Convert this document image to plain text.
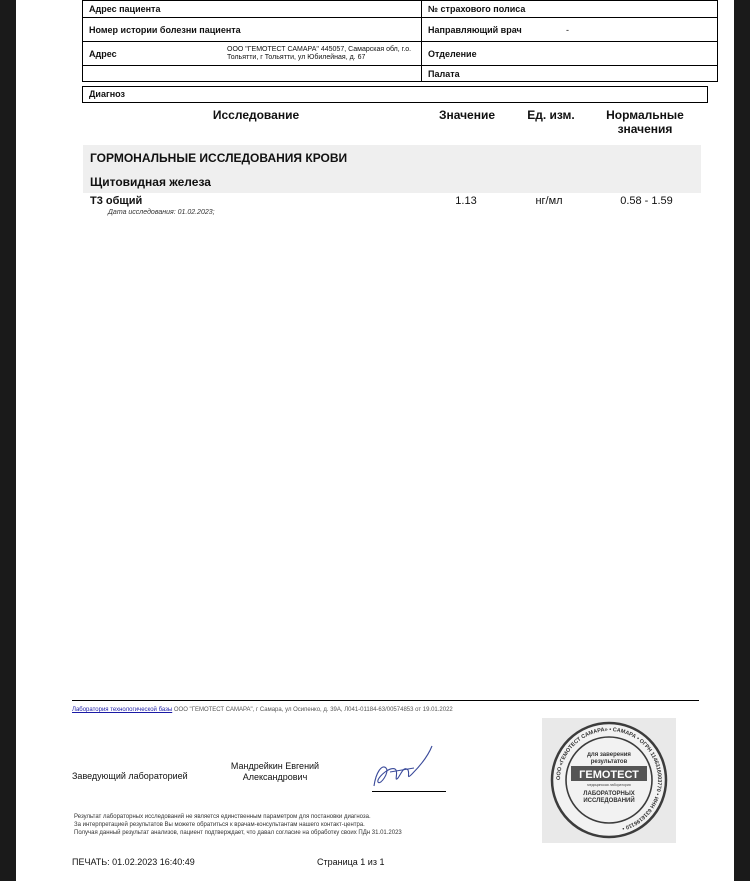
Адрес пациента	№ страхового полиса	
Номер истории болезни пациента	Направляющий врач	-

Адрес ООО "ГЕМОТЕСТ САМАРА" 445057, Самарская обл, г.о. Тольятти, г Тольятти, ул Юбилейная, д. 67	Отделение	
	Палата	
Диагноз
Исследование	Значение	Ед. изм.	Нормальные значения
ГОРМОНАЛЬНЫЕ ИССЛЕДОВАНИЯ КРОВИ
Щитовидная железа
Т3 общий	1.13	нг/мл	0.58 - 1.59
Дата исследования: 01.02.2023;
Лаборатория технологической базы ООО "ГЕМОТЕСТ САМАРА", г Самара, ул Осипенко, д. 39А, Л041-01184-63/00574853 от 19.01.2022
Заведующий лабораторией
Мандрейкин Евгений Александрович
Результат лабораторных исследований не является единственным параметром для постановки диагноза.
За интерпретацией результатов Вы можете обратиться к врачам-консультантам нашего контакт-центра.
Получая данный результат анализов, пациент подтверждает, что давал согласие на обработку своих ПДн 31.01.2023
ПЕЧАТЬ: 01.02.2023 16:40:49	Страница 1 из 1
ООО «ГЕМОТЕСТ САМАРА» • САМАРА • ОГРН 1146316003770 • ИНН 6316196110 •
для заверения
результатов
ГЕМОТЕСТ
медицинская лаборатория
ЛАБОРАТОРНЫХ
ИССЛЕДОВАНИЙ
